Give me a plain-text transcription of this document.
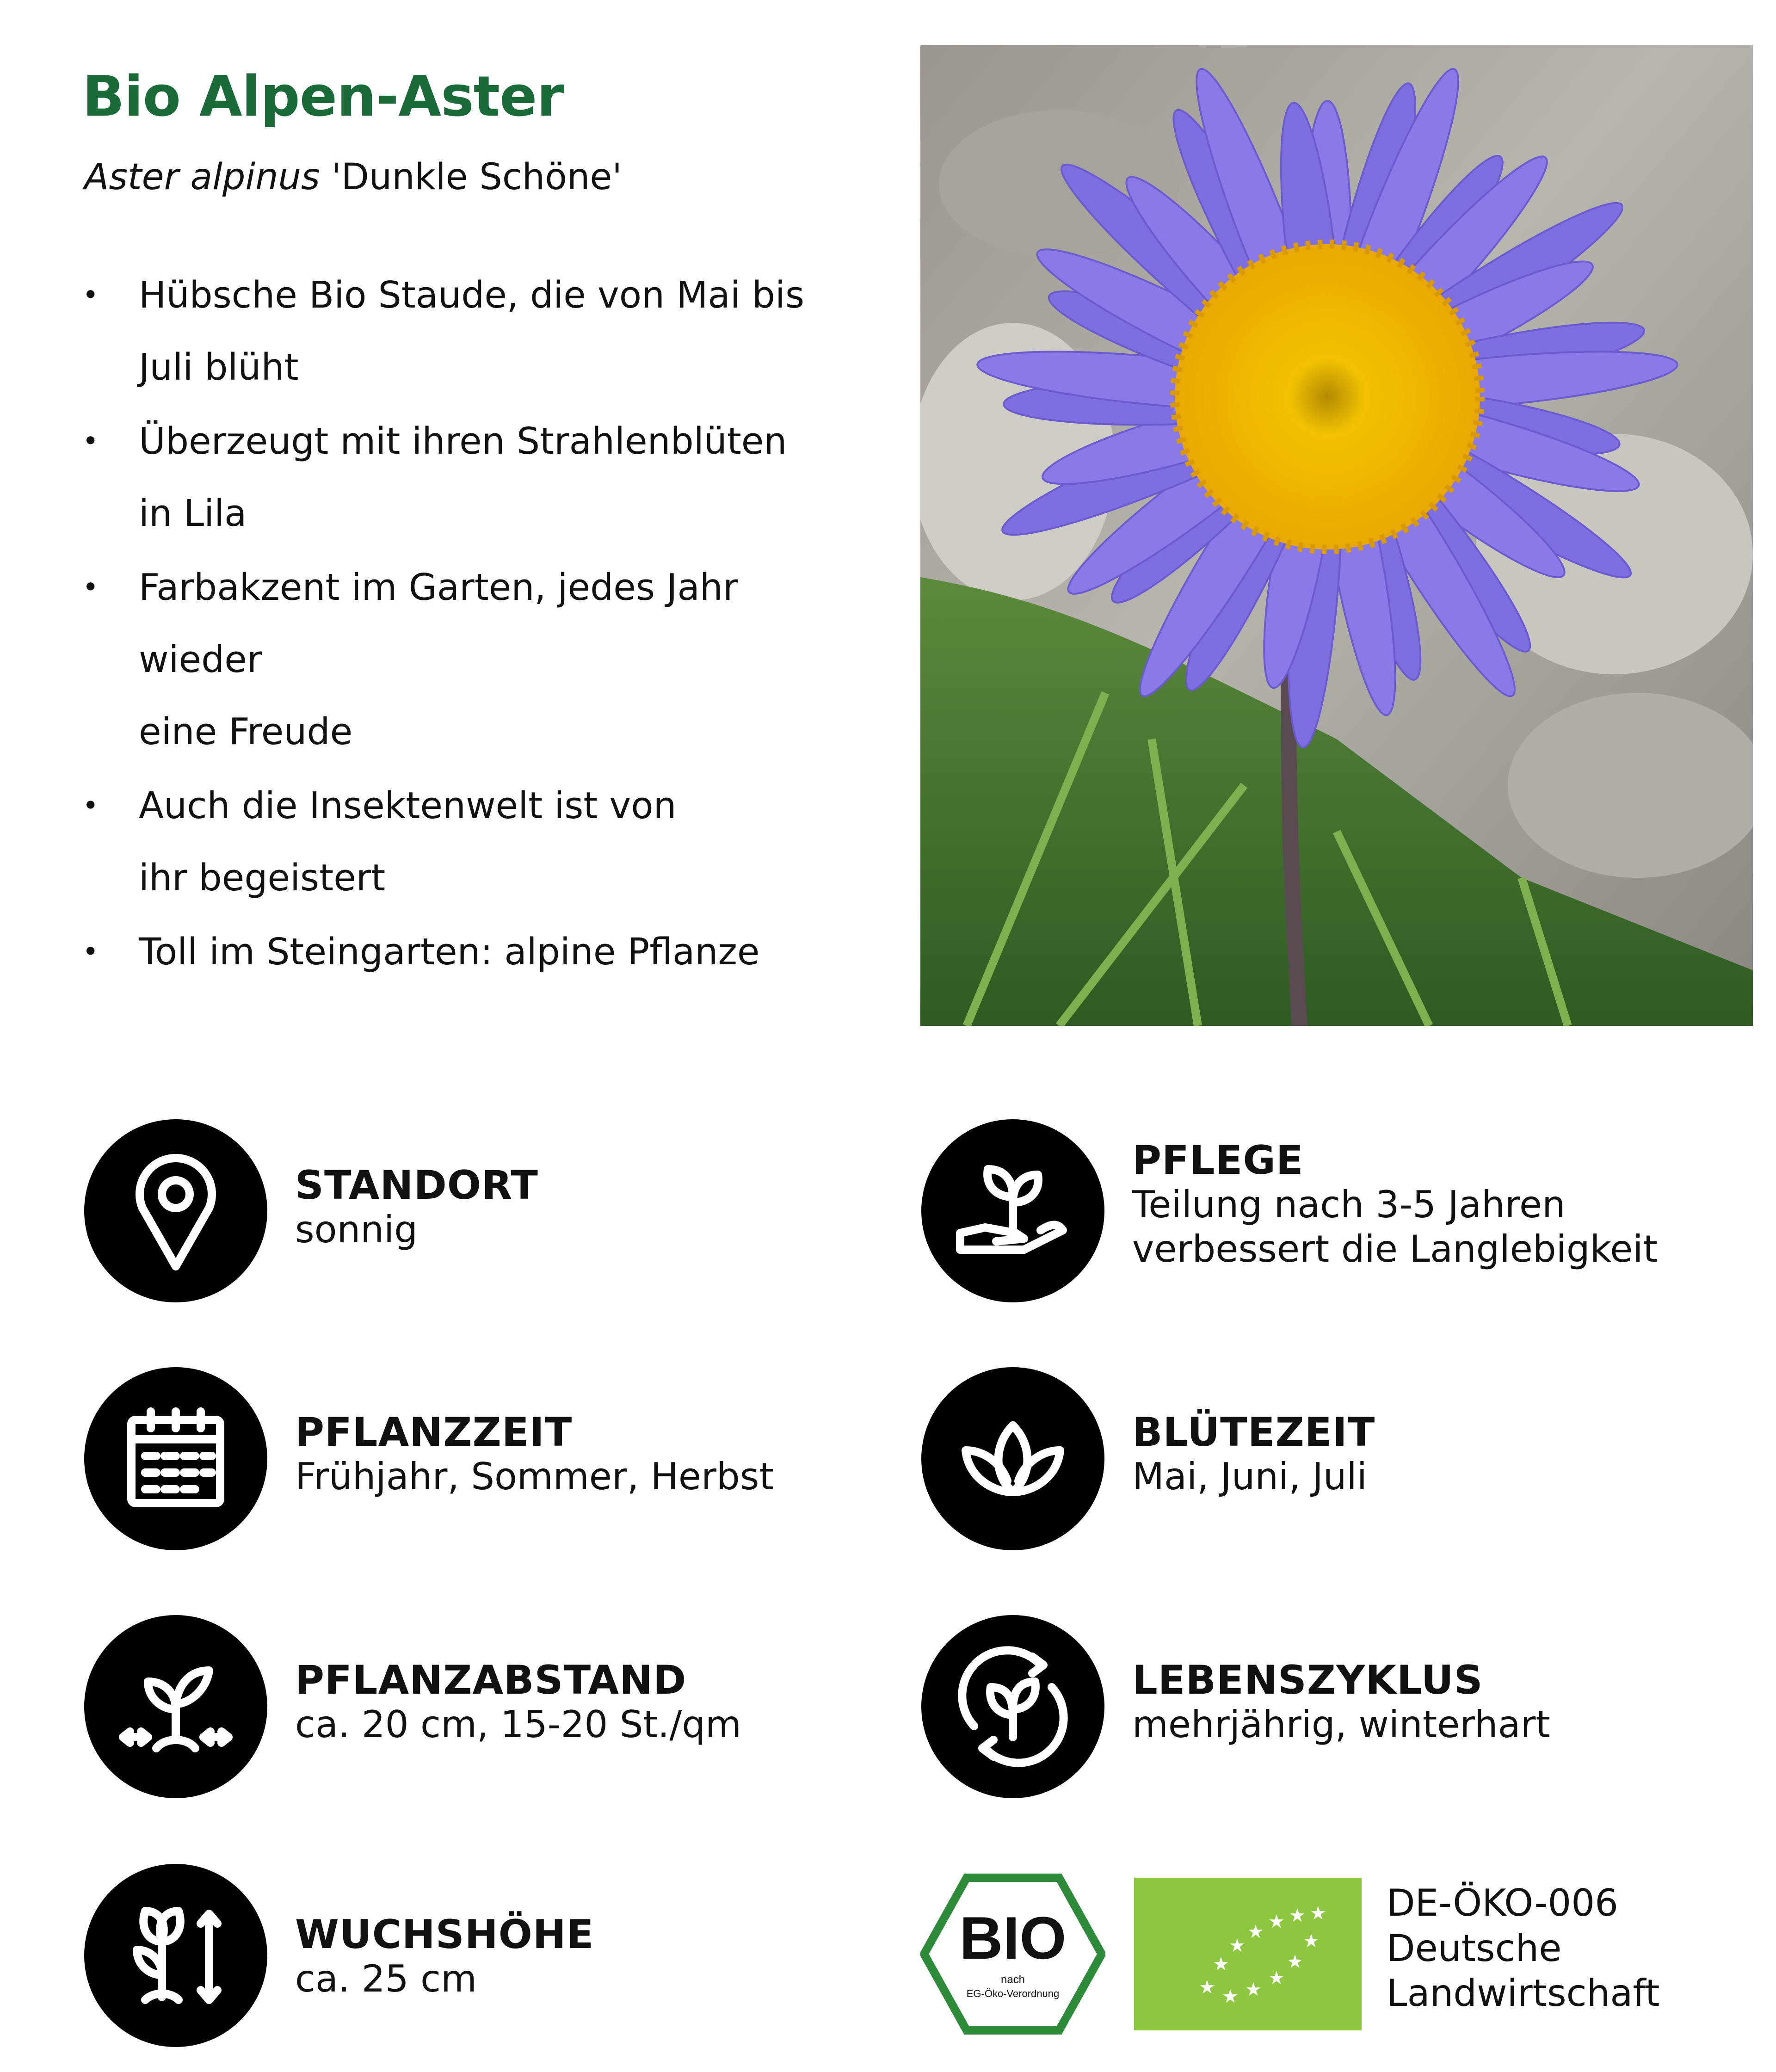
Bio Alpen-Aster
Aster alpinus 'Dunkle Schöne'
• Hübsche Bio Staude, die von Mai bis
Juli blüht
• Überzeugt mit ihren Strahlenblüten
in Lila
• Farbakzent im Garten, jedes Jahr wieder
eine Freude
• Auch die Insektenwelt ist von
ihr begeistert
• Toll im Steingarten: alpine Pflanze
STANDORT
sonnig
PFLEGE
Teilung nach 3-5 Jahren
verbessert die Langlebigkeit
PFLANZZEIT
Frühjahr, Sommer, Herbst
BLÜTEZEIT
Mai, Juni, Juli
PFLANZABSTAND
ca. 20 cm, 15-20 St./qm
LEBENSZYKLUS
mehrjährig, winterhart
WUCHSHÖHE
ca. 25 cm
BIO
nach
EG-Öko-Verordnung	★
★
★
★ ★ ★ ★
★ ★
★
★
★
DE-ÖKO-006
Deutsche
Landwirtschaft
